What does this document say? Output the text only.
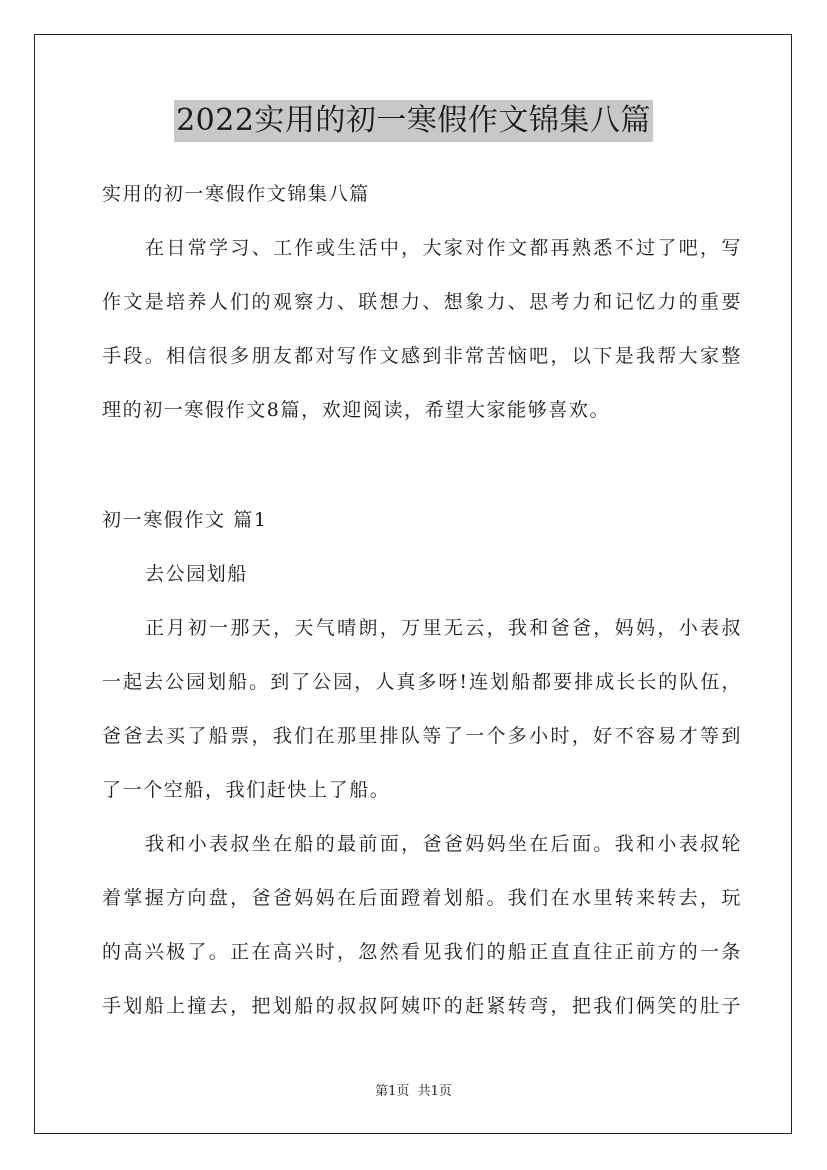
2022实用的初一寒假作文锦集八篇
实用的初一寒假作文锦集八篇
在日常学习、工作或生活中，大家对作文都再熟悉不过了吧，写
作文是培养人们的观察力、联想力、想象力、思考力和记忆力的重要
手段。相信很多朋友都对写作文感到非常苦恼吧，以下是我帮大家整
理的初一寒假作文8篇，欢迎阅读，希望大家能够喜欢。
初一寒假作文 篇1
去公园划船
正月初一那天，天气晴朗，万里无云，我和爸爸，妈妈，小表叔
一起去公园划船。到了公园，人真多呀!连划船都要排成长长的队伍，
爸爸去买了船票，我们在那里排队等了一个多小时，好不容易才等到
了一个空船，我们赶快上了船。
我和小表叔坐在船的最前面，爸爸妈妈坐在后面。我和小表叔轮
着掌握方向盘，爸爸妈妈在后面蹬着划船。我们在水里转来转去，玩
的高兴极了。正在高兴时，忽然看见我们的船正直直往正前方的一条
手划船上撞去，把划船的叔叔阿姨吓的赶紧转弯，把我们俩笑的肚子
第1页  共1页
